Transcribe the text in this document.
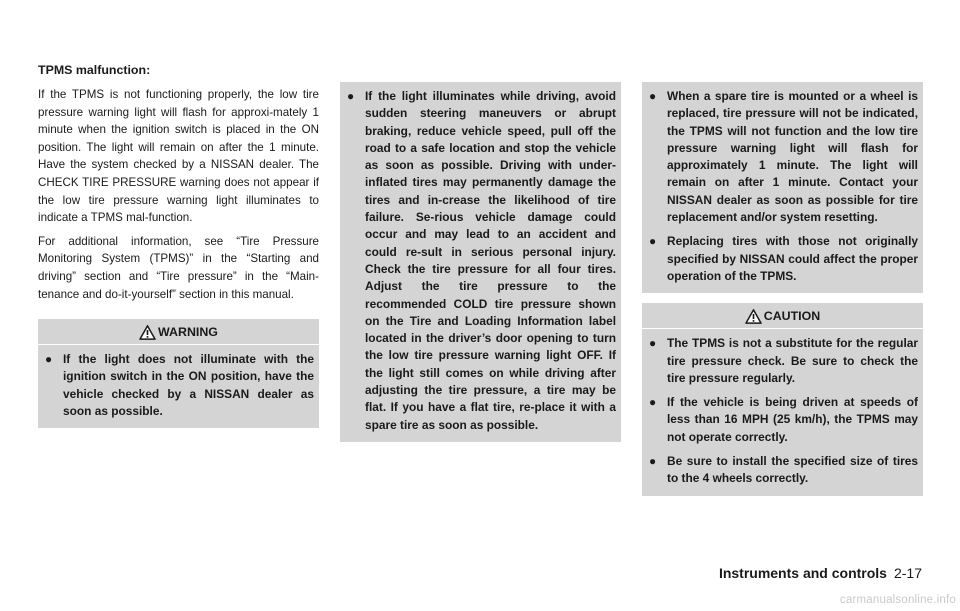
TPMS malfunction:

If the TPMS is not functioning properly, the low tire pressure warning light will flash for approxi-mately 1 minute when the ignition switch is placed in the ON position. The light will remain on after the 1 minute. Have the system checked by a NISSAN dealer. The CHECK TIRE PRESSURE warning does not appear if the low tire pressure warning light illuminates to indicate a TPMS mal-function.

For additional information, see “Tire Pressure Monitoring System (TPMS)” in the “Starting and driving” section and “Tire pressure” in the “Main-tenance and do-it-yourself” section in this manual.

WARNING
● If the light does not illuminate with the ignition switch in the ON position, have the vehicle checked by a NISSAN dealer as soon as possible.
● If the light illuminates while driving, avoid sudden steering maneuvers or abrupt braking, reduce vehicle speed, pull off the road to a safe location and stop the vehicle as soon as possible. Driving with under-inflated tires may permanently damage the tires and in-crease the likelihood of tire failure. Se-rious vehicle damage could occur and may lead to an accident and could re-sult in serious personal injury. Check the tire pressure for all four tires. Adjust the tire pressure to the recommended COLD tire pressure shown on the Tire and Loading Information label located in the driver’s door opening to turn the low tire pressure warning light OFF. If the light still comes on while driving after adjusting the tire pressure, a tire may be flat. If you have a flat tire, re-place it with a spare tire as soon as possible.
● When a spare tire is mounted or a wheel is replaced, tire pressure will not be indicated, the TPMS will not function and the low tire pressure warning light will flash for approximately 1 minute. The light will remain on after 1 minute. Contact your NISSAN dealer as soon as possible for tire replacement and/or system resetting.
● Replacing tires with those not originally specified by NISSAN could affect the proper operation of the TPMS.
CAUTION
● The TPMS is not a substitute for the regular tire pressure check. Be sure to check the tire pressure regularly.
● If the vehicle is being driven at speeds of less than 16 MPH (25 km/h), the TPMS may not operate correctly.
● Be sure to install the specified size of tires to the 4 wheels correctly.
Instruments and controls 2-17
carmanualsonline.info
